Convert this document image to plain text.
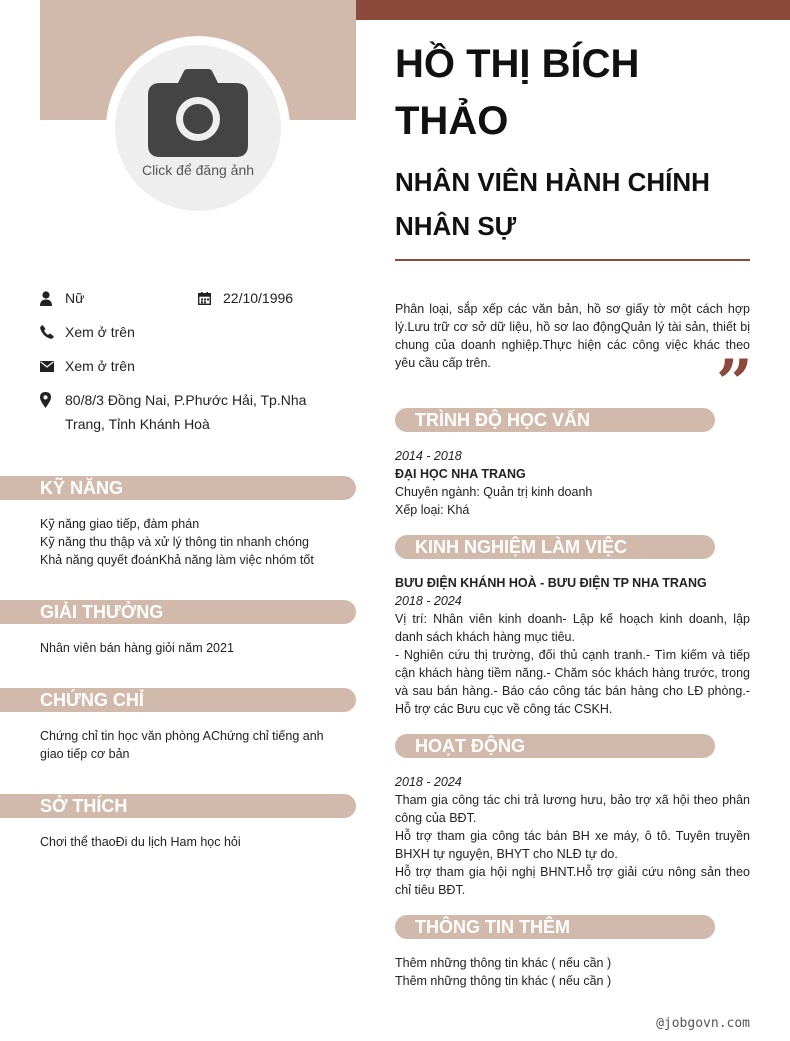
Click để đăng ảnh
HỒ THỊ BÍCH THẢO
NHÂN VIÊN HÀNH CHÍNH NHÂN SỰ
Nữ	22/10/1996
Xem ở trên
Xem ở trên
80/8/3 Đồng Nai, P.Phước Hải, Tp.Nha Trang, Tỉnh Khánh Hoà
KỸ NĂNG
Kỹ năng giao tiếp, đàm phán
Kỹ năng thu thập và xử lý thông tin nhanh chóng
Khả năng quyết đoánKhả năng làm việc nhóm tốt
GIẢI THƯỞNG
Nhân viên bán hàng giỏi năm 2021
CHỨNG CHỈ
Chứng chỉ tin học văn phòng AChứng chỉ tiếng anh giao tiếp cơ bản
SỞ THÍCH
Chơi thể thaoĐi du lịch Ham học hỏi
Phân loại, sắp xếp các văn bản, hồ sơ giấy tờ một cách hợp lý.Lưu trữ cơ sở dữ liệu, hồ sơ lao độngQuản lý tài sản, thiết bị chung của doanh nghiệp.Thực hiện các công việc khác theo yêu cầu cấp trên.	”
TRÌNH ĐỘ HỌC VẤN
2014 - 2018
ĐẠI HỌC NHA TRANG
Chuyên ngành: Quản trị kinh doanh
Xếp loại: Khá
KINH NGHIỆM LÀM VIỆC
BƯU ĐIỆN KHÁNH HOÀ - BƯU ĐIỆN TP NHA TRANG
2018 - 2024
Vị trí: Nhân viên kinh doanh- Lập kế hoạch kinh doanh, lập danh sách khách hàng mục tiêu.
- Nghiên cứu thị trường, đối thủ cạnh tranh.- Tìm kiếm và tiếp cận khách hàng tiềm năng.- Chăm sóc khách hàng trước, trong và sau bán hàng.- Báo cáo công tác bán hàng cho LĐ phòng.- Hỗ trợ các Bưu cục về công tác CSKH.
HOẠT ĐỘNG
2018 - 2024
Tham gia công tác chi trả lương hưu, bảo trợ xã hội theo phân công của BĐT.
Hỗ trợ tham gia công tác bán BH xe máy, ô tô. Tuyên truyền BHXH tự nguyện, BHYT cho NLĐ tự do.
Hỗ trợ tham gia hội nghị BHNT.Hỗ trợ giải cứu nông sản theo chỉ tiêu BĐT.
THÔNG TIN THÊM
Thêm những thông tin khác ( nếu cần )
Thêm những thông tin khác ( nếu cần )
@jobgovn.com
